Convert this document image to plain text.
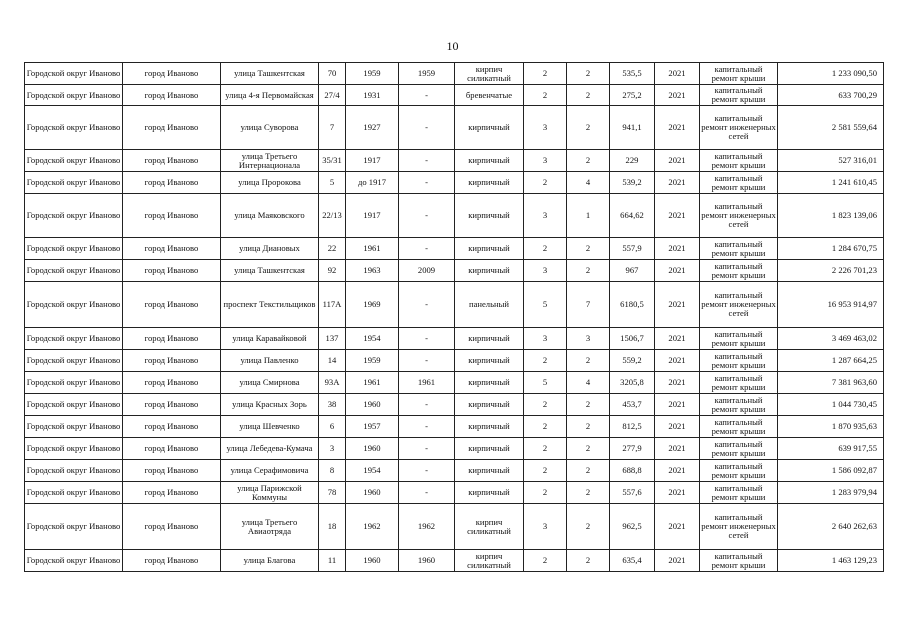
10
Городской округ Иваново	город Иваново	улица Ташкентская	70	1959	1959	кирпич силикатный	2	2	535,5	2021	капитальный ремонт крыши	1 233 090,50
Городской округ Иваново	город Иваново	улица 4-я Первомайская	27/4	1931	-	бревенчатые	2	2	275,2	2021	капитальный ремонт крыши	633 700,29
Городской округ Иваново	город Иваново	улица Суворова	7	1927	-	кирпичный	3	2	941,1	2021	капитальный ремонт инженерных сетей	2 581 559,64
Городской округ Иваново	город Иваново	улица Третьего Интернационала	35/31	1917	-	кирпичный	3	2	229	2021	капитальный ремонт крыши	527 316,01
Городской округ Иваново	город Иваново	улица Пророкова	5	до 1917	-	кирпичный	2	4	539,2	2021	капитальный ремонт крыши	1 241 610,45
Городской округ Иваново	город Иваново	улица Маяковского	22/13	1917	-	кирпичный	3	1	664,62	2021	капитальный ремонт инженерных сетей	1 823 139,06
Городской округ Иваново	город Иваново	улица Диановых	22	1961	-	кирпичный	2	2	557,9	2021	капитальный ремонт крыши	1 284 670,75
Городской округ Иваново	город Иваново	улица Ташкентская	92	1963	2009	кирпичный	3	2	967	2021	капитальный ремонт крыши	2 226 701,23
Городской округ Иваново	город Иваново	проспект Текстильщиков	117А	1969	-	панельный	5	7	6180,5	2021	капитальный ремонт инженерных сетей	16 953 914,97
Городской округ Иваново	город Иваново	улица Каравайковой	137	1954	-	кирпичный	3	3	1506,7	2021	капитальный ремонт крыши	3 469 463,02
Городской округ Иваново	город Иваново	улица Павленко	14	1959	-	кирпичный	2	2	559,2	2021	капитальный ремонт крыши	1 287 664,25
Городской округ Иваново	город Иваново	улица Смирнова	93А	1961	1961	кирпичный	5	4	3205,8	2021	капитальный ремонт крыши	7 381 963,60
Городской округ Иваново	город Иваново	улица Красных Зорь	38	1960	-	кирпичный	2	2	453,7	2021	капитальный ремонт крыши	1 044 730,45
Городской округ Иваново	город Иваново	улица Шевченко	6	1957	-	кирпичный	2	2	812,5	2021	капитальный ремонт крыши	1 870 935,63
Городской округ Иваново	город Иваново	улица Лебедева-Кумача	3	1960	-	кирпичный	2	2	277,9	2021	капитальный ремонт крыши	639 917,55
Городской округ Иваново	город Иваново	улица Серафимовича	8	1954	-	кирпичный	2	2	688,8	2021	капитальный ремонт крыши	1 586 092,87
Городской округ Иваново	город Иваново	улица Парижской Коммуны	78	1960	-	кирпичный	2	2	557,6	2021	капитальный ремонт крыши	1 283 979,94
Городской округ Иваново	город Иваново	улица Третьего Авиаотряда	18	1962	1962	кирпич силикатный	3	2	962,5	2021	капитальный ремонт инженерных сетей	2 640 262,63
Городской округ Иваново	город Иваново	улица Благова	11	1960	1960	кирпич силикатный	2	2	635,4	2021	капитальный ремонт крыши	1 463 129,23
